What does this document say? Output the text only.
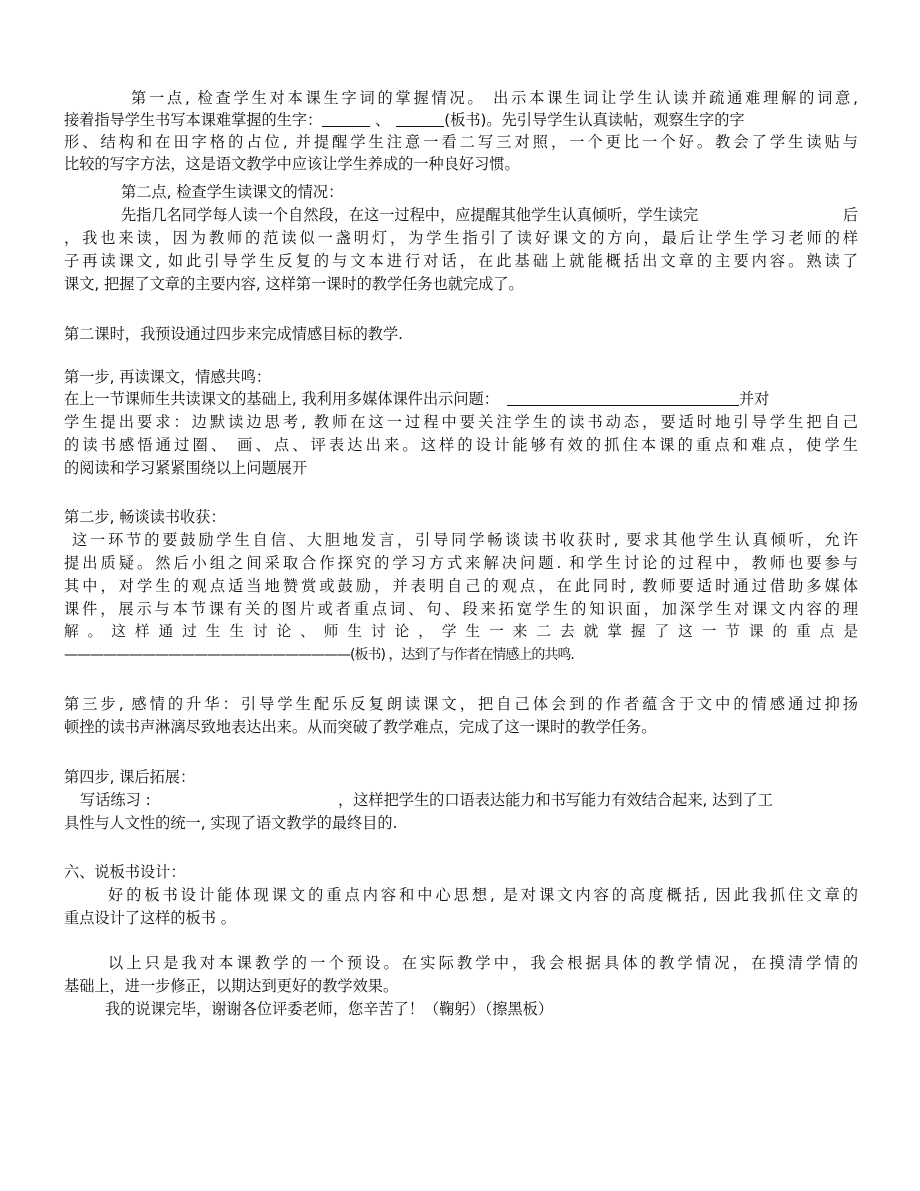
第一点, 检查学生对本课生字词的掌握情况。 出示本课生词让学生认读并疏通难理解的词意,
接着指导学生书写本课难掌握的生字：	、	(板书)。先引导学生认真读帖，观察生字的字
形、结构和在田字格的占位, 并提醒学生注意一看二写三对照，一个更比一个好。教会了学生读贴与
比较的写字方法，这是语文教学中应该让学生养成的一种良好习惯。
第二点, 检查学生读课文的情况：
先指几名同学每人读一个自然段，在这一过程中，应提醒其他学生认真倾听，学生读完	后
，我也来读，因为教师的范读似一盏明灯，为学生指引了读好课文的方向，最后让学生学习老师的样
子再读课文, 如此引导学生反复的与文本进行对话，在此基础上就能概括出文章的主要内容。熟读了
课文, 把握了文章的主要内容, 这样第一课时的教学任务也就完成了。
第二课时，我预设通过四步来完成情感目标的教学.
第一步, 再读课文，情感共鸣：
在上一节课师生共读课文的基础上, 我利用多媒体课件出示问题：	并对
学生提出要求：边默读边思考, 教师在这一过程中要关注学生的读书动态，要适时地引导学生把自己
的读书感悟通过圈、 画、点、评表达出来。这样的设计能够有效的抓住本课的重点和难点，使学生
的阅读和学习紧紧围绕以上问题展开
第二步, 畅谈读书收获：
这一环节的要鼓励学生自信、大胆地发言，引导同学畅谈读书收获时, 要求其他学生认真倾听，允许
提出质疑。然后小组之间采取合作探究的学习方式来解决问题. 和学生讨论的过程中，教师也要参与
其中，对学生的观点适当地赞赏或鼓励，并表明自己的观点，在此同时, 教师要适时通过借助多媒体
课件，展示与本节课有关的图片或者重点词、句、段来拓宽学生的知识面，加深学生对课文内容的理
解 。 这 样 通 过 生 生 讨 论 、 师 生 讨 论 ， 学 生 一 来 二 去 就 掌 握 了 这 一 节 课 的 重 点 是
——————————————————————(板书) ，达到了与作者在情感上的共鸣.
第三步, 感情的升华：引导学生配乐反复朗读课文，把自己体会到的作者蕴含于文中的情感通过抑扬
顿挫的读书声淋漓尽致地表达出来。从而突破了教学难点，完成了这一课时的教学任务。
第四步, 课后拓展：
写话练习 :	，这样把学生的口语表达能力和书写能力有效结合起来, 达到了工
具性与人文性的统一, 实现了语文教学的最终目的.
六、说板书设计：
好的板书设计能体现课文的重点内容和中心思想, 是对课文内容的高度概括, 因此我抓住文章的
重点设计了这样的板书 。
以上只是我对本课教学的一个预设。在实际教学中，我会根据具体的教学情况，在摸清学情的
基础上，进一步修正，以期达到更好的教学效果。
我的说课完毕，谢谢各位评委老师，您辛苦了！（鞠躬）（擦黑板）
